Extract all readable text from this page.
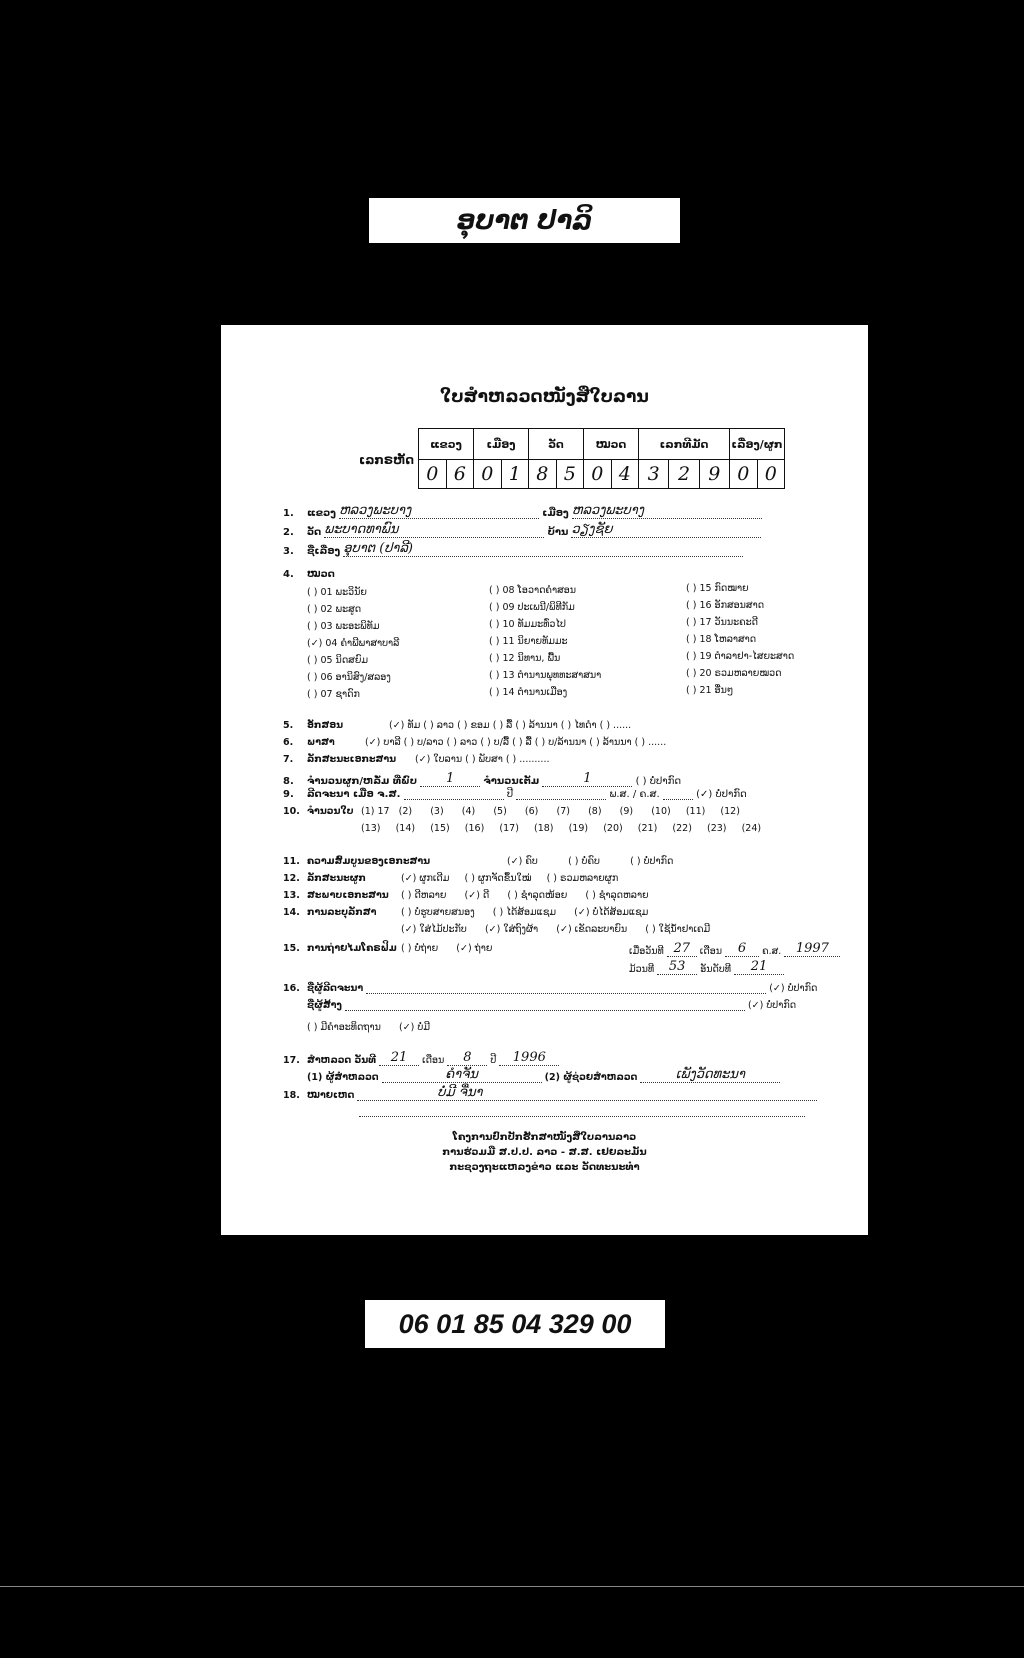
ອຸບາຕ ປາລິ
ໃບສຳຫລວດໜັງສືໃບລານ
ເລກຣຫັດ
ແຂວງ		ເມືອງ		ວັດ		ໝວດ		ເລກທີມັດ			ເລື່ອງ/ຜູກ	
0	6	0	1	8	5	0	4	3	2	9	0	0
1. ແຂວງ ຫລວງພະບາງ	ເມືອງ ຫລວງພະບາງ
2. ວັດ ພະບາດທາພົນ	ບ້ານ ວຽງຊັຍ
3. ຊື່ເລື່ອງ ອຸບາຕ (ປາລີ)
4. ໝວດ
( ) 01 ພະວິນັຍ
( ) 02 ພະສູດ
( ) 03 ພະອະພິທັມ
(✓) 04 ຄຳພີພາສາບາລີ
( ) 05 ນິດສຍົມ
( ) 06 ອານິສົງ/ສລອງ
( ) 07 ຊາດົກ
( ) 08 ໂອວາດຄຳສອນ
( ) 09 ປະເພນີ/ພິທີກັມ
( ) 10 ທັມມະທົ່ວໄປ
( ) 11 ນິຍາຍທັມມະ
( ) 12 ນິທານ, ພື້ນ
( ) 13 ຕຳນານພຸທທະສາສນາ
( ) 14 ຕຳນານເມືອງ
( ) 15 ກົດໝາຍ
( ) 16 ອັກສອນສາດ
( ) 17 ວັນນະຄະດີ
( ) 18 ໂຫລາສາດ
( ) 19 ຕຳລາຢາ-ໄສຍະສາດ
( ) 20 ຣວມຫລາຍໝວດ
( ) 21 ອື່ນໆ
5. ອັກສອນ	(✓) ທັມ ( ) ລາວ ( ) ຂອມ ( ) ລື້ ( ) ລ້ານນາ ( ) ໄທດຳ ( ) ......
6. ພາສາ	(✓) ບາລີ ( ) ບ/ລາວ ( ) ລາວ ( ) ບ/ລື້ ( ) ລື້ ( ) ບ/ລ້ານນາ ( ) ລ້ານນາ ( ) ......
7. ລັກສະນະເອກະສານ (✓) ໃບລານ ( ) ພັບສາ ( ) ..........
8. ຈຳນວນຜູກ/ຫລັ່ມ ທີ່ພົບ 1	ຈຳນວນເຕັມ	1	( ) ບໍ່ປາກົດ
9. ລີດຈະນາ ເມື່ອ ຈ.ສ.	ປີ	ພ.ສ. / ຄ.ສ.	(✓) ບໍ່ປາກົດ
10. ຈຳນວນໃບ (1) 17   (2)      (3)      (4)      (5)      (6)      (7)      (8)      (9)      (10)     (11)     (12)
(13)     (14)     (15)     (16)     (17)     (18)     (19)     (20)     (21)     (22)     (23)     (24)
11. ຄວາມສົມບູນຂອງເອກະສານ	(✓) ຄົບ          ( ) ບໍ່ຄົບ          ( ) ບໍ່ປາກົດ
12. ລັກສະນະຜູກ	(✓) ຜູກເດີມ     ( ) ຜູກຈັດຂຶ້ນໃໝ່     ( ) ຣວມຫລາຍຜູກ
13. ສະພາບເອກະສານ ( ) ດີຫລາຍ      (✓) ດີ      ( ) ຊຳລຸດໜ້ອຍ      ( ) ຊຳລຸດຫລາຍ
14. ການລະບຸລັກສາ	( ) ບໍ່ຮູບສາຍສນອງ      ( ) ໄດ້ສ້ອມແຊມ      (✓) ບໍ່ໄດ້ສ້ອມແຊມ
(✓) ໃສ່ໄມ້ປະກັບ      (✓) ໃສ່ຖົງຜ້າ      (✓) ເຂັດລະບາຍົນ      ( ) ໃຊ້ນ້ຳຢາເຄມີ
15. ການຖ່າຍໄມໂຄຣຟິມ ( ) ບໍ່ຖ່າຍ      (✓) ຖ່າຍ	ເມື່ອວັນທີ 27 ເດືອນ 6 ຄ.ສ. 1997
ມ້ວນທີ 53 ອັນດັບທີ 21
16. ຊື່ຜູ້ລີດຈະນາ	(✓) ບໍ່ປາກົດ
ຊື່ຜູ້ສ້າງ	(✓) ບໍ່ປາກົດ
( ) ມີຄຳອະທິດຖານ      (✓) ບໍ່ມີ
17. ສຳຫລວດ ວັນທີ 21 ເດືອນ 8 ປີ 1996
(1) ຜູ້ສຳຫລວດ	ຄຳຈັນ	(2) ຜູ້ຊ່ວຍສຳຫລວດ	ເພັງວັດທະນາ
18. ໝາຍເຫດ	ບໍ່ມີ ຈື່ນາ

ໂຄງການປົກປັກຮັກສາໜັງສືໃບລານລາວ
ການຮ່ວມມື ສ.ປ.ປ. ລາວ - ສ.ສ. ເຢຍລະມັນ
ກະຊວງຖະແຫລງຂ່າວ ແລະ ວັດທະນະທຳ
06 01 85 04 329 00
